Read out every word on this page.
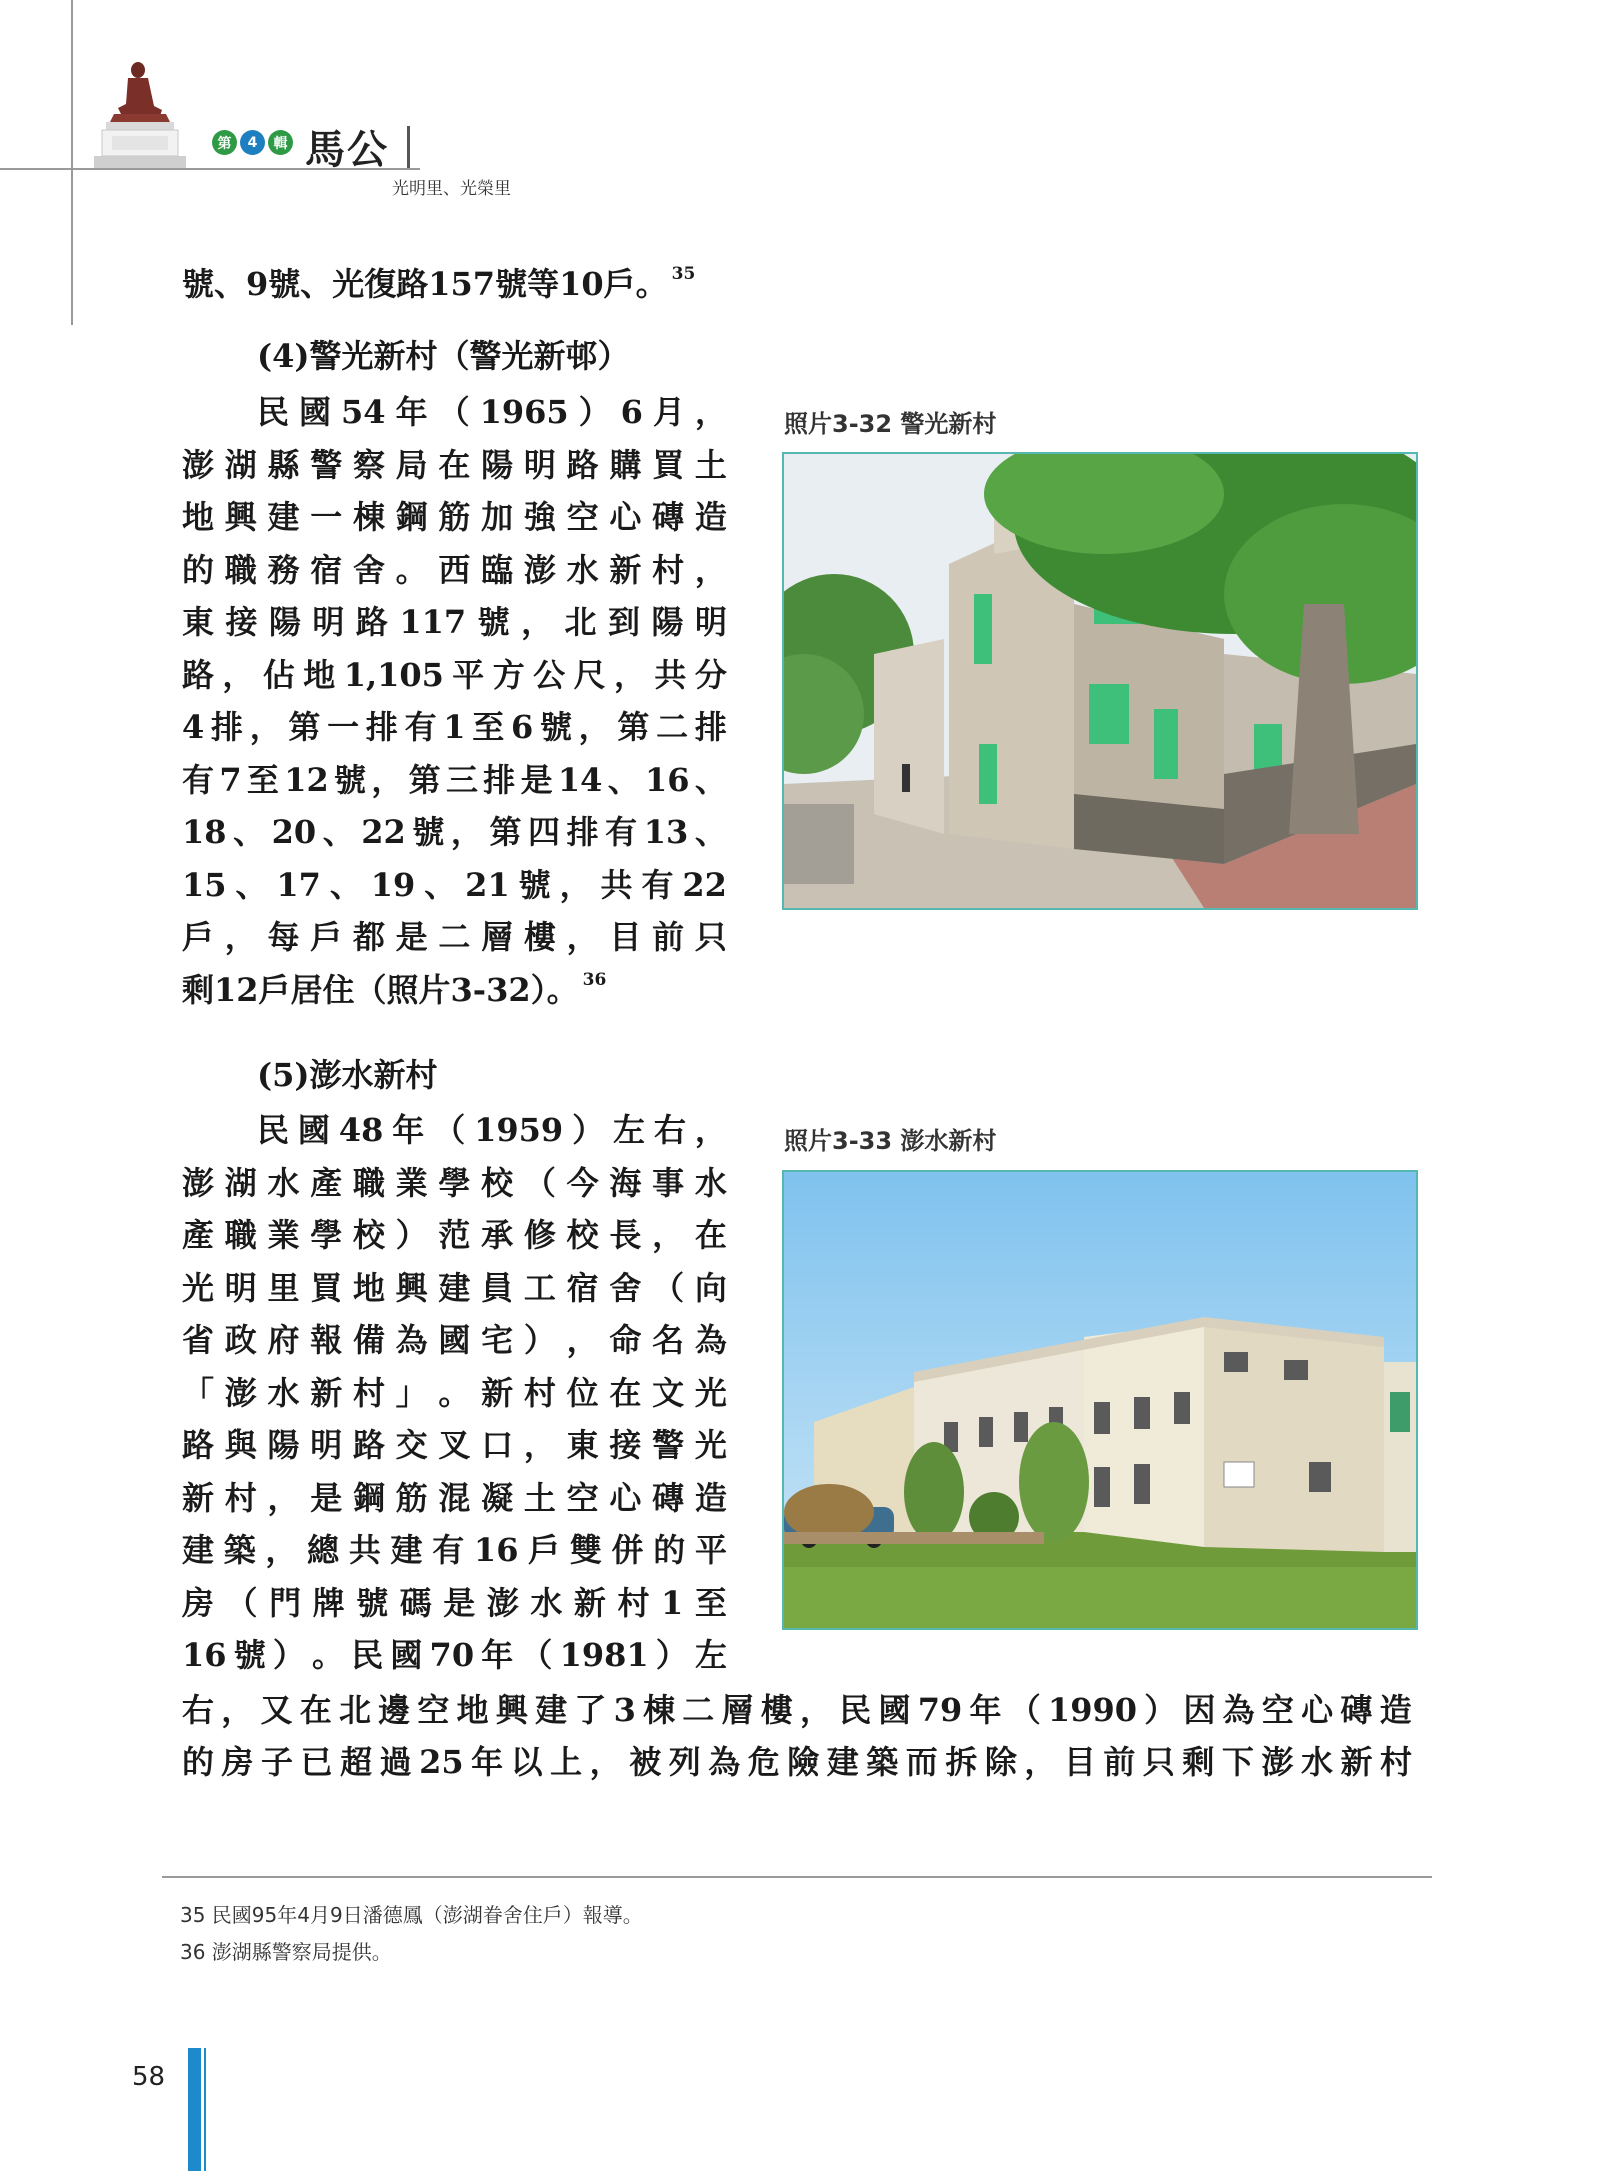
第	4	輯 馬公
光明里、光榮里
號、9號、光復路157號等10戶。 $^{35}$
(4)警光新村（警光新邨）
民 國 54 年 （ 1965 ） 6 月 ，
澎 湖 縣 警 察 局 在 陽 明 路 購 買 土
地 興 建 一 棟 鋼 筋 加 強 空 心 磚 造
的 職 務 宿 舍 。 西 臨 澎 水 新 村 ，
東 接 陽 明 路 117 號 ， 北 到 陽 明
路 ， 佔 地 1,105 平 方 公 尺 ， 共 分
4 排 ， 第 一 排 有 1 至 6 號 ， 第 二 排
有 7 至 12 號 ， 第 三 排 是 14 、 16 、
18 、 20 、 22 號 ， 第 四 排 有 13 、
15 、 17 、 19 、 21 號 ， 共 有 22
戶 ， 每 戶 都 是 二 層 樓 ， 目 前 只
剩12戶居住（照片3-32）。 $^{36}$
(5)澎水新村
民 國 48 年 （ 1959 ） 左 右 ，
澎 湖 水 產 職 業 學 校 （ 今 海 事 水
產 職 業 學 校 ） 范 承 修 校 長 ， 在
光 明 里 買 地 興 建 員 工 宿 舍 （ 向
省 政 府 報 備 為 國 宅 ） ， 命 名 為
「 澎 水 新 村 」 。 新 村 位 在 文 光
路 與 陽 明 路 交 叉 口 ， 東 接 警 光
新 村 ， 是 鋼 筋 混 凝 土 空 心 磚 造
建 築 ， 總 共 建 有 16 戶 雙 併 的 平
房 （ 門 牌 號 碼 是 澎 水 新 村 1 至
16 號 ） 。 民 國 70 年 （ 1981 ） 左
右 ， 又 在 北 邊 空 地 興 建 了 3 棟 二 層 樓 ， 民 國 79 年 （ 1990 ） 因 為 空 心 磚 造
的 房 子 已 超 過 25 年 以 上 ， 被 列 為 危 險 建 築 而 拆 除 ， 目 前 只 剩 下 澎 水 新 村
照片3-32 警光新村
照片3-33 澎水新村
35 民國95年4月9日潘德鳳（澎湖眷舍住戶）報導。
36 澎湖縣警察局提供。
58
